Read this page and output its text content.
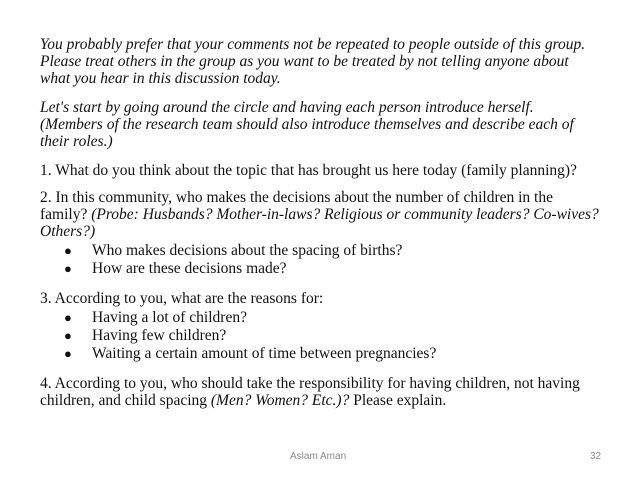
You probably prefer that your comments not be repeated to people outside of this group. Please treat others in the group as you want to be treated by not telling anyone about what you hear in this discussion today.

Let's start by going around the circle and having each person introduce herself. (Members of the research team should also introduce themselves and describe each of their roles.)

1. What do you think about the topic that has brought us here today (family planning)?

2. In this community, who makes the decisions about the number of children in the family? (Probe: Husbands? Mother-in-laws? Religious or community leaders? Co-wives? Others?)

● Who makes decisions about the spacing of births?
● How are these decisions made?

3. According to you, what are the reasons for:

● Having a lot of children?
● Having few children?
● Waiting a certain amount of time between pregnancies?

4. According to you, who should take the responsibility for having children, not having children, and child spacing (Men? Women? Etc.)? Please explain.

Aslam Aman	32
